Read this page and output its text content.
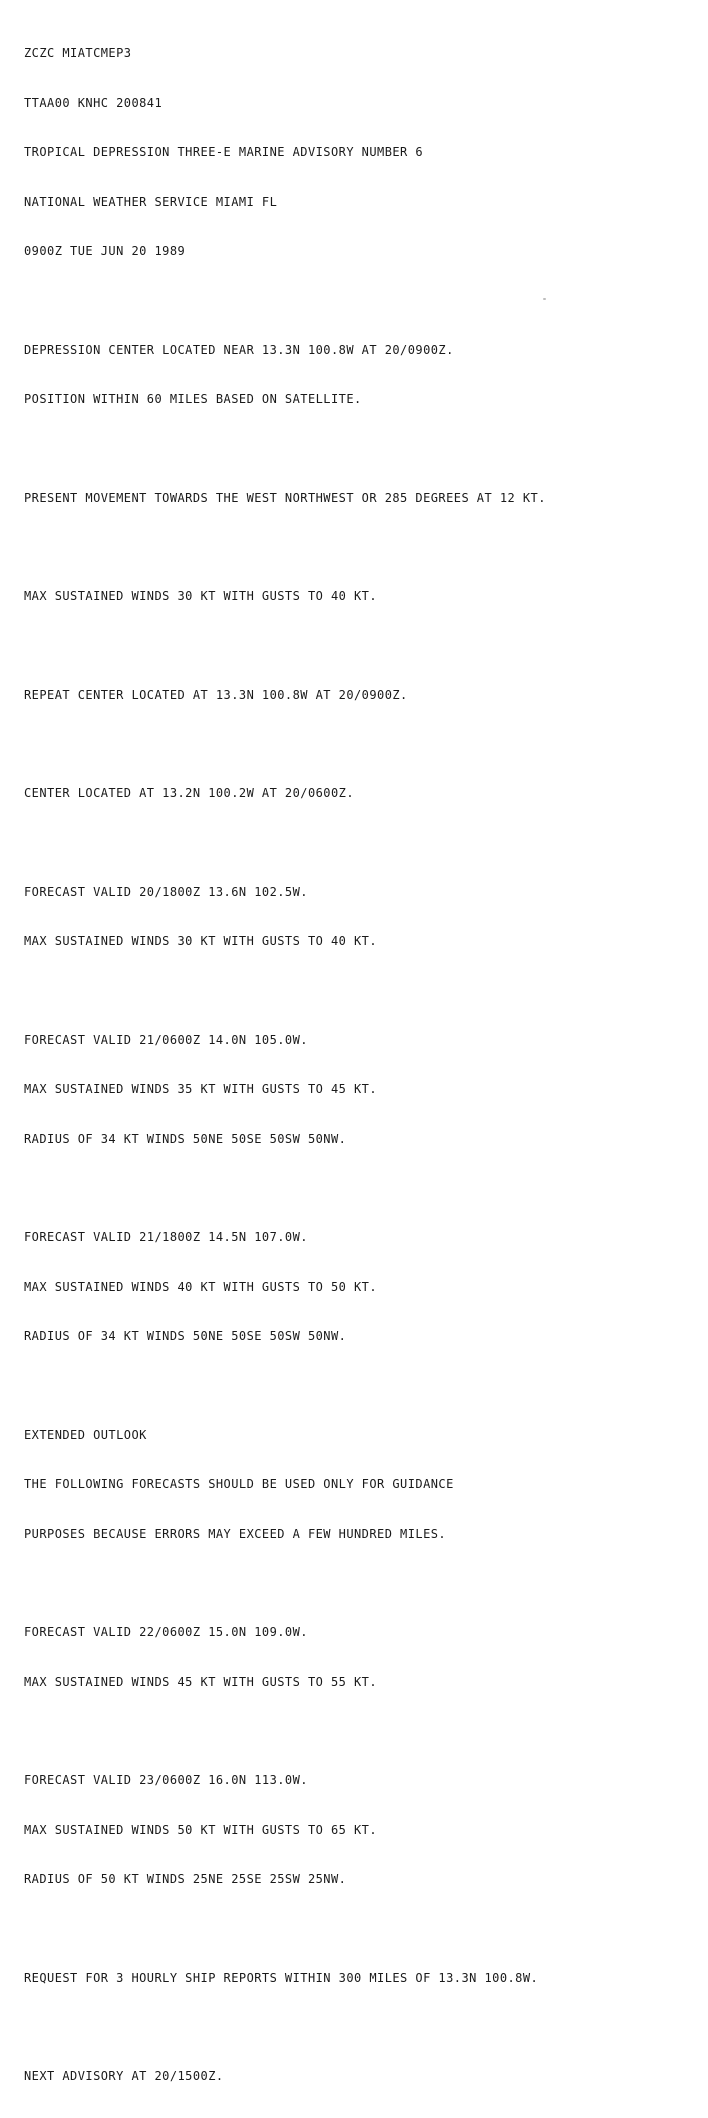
ZCZC MIATCMEP3

TTAA00 KNHC 200841

TROPICAL DEPRESSION THREE-E MARINE ADVISORY NUMBER 6

NATIONAL WEATHER SERVICE MIAMI FL

0900Z TUE JUN 20 1989

DEPRESSION CENTER LOCATED NEAR 13.3N 100.8W AT 20/0900Z.

POSITION WITHIN 60 MILES BASED ON SATELLITE.

PRESENT MOVEMENT TOWARDS THE WEST NORTHWEST OR 285 DEGREES AT 12 KT.

MAX SUSTAINED WINDS 30 KT WITH GUSTS TO 40 KT.

REPEAT CENTER LOCATED AT 13.3N 100.8W AT 20/0900Z.

CENTER LOCATED AT 13.2N 100.2W AT 20/0600Z.

FORECAST VALID 20/1800Z 13.6N 102.5W.

MAX SUSTAINED WINDS 30 KT WITH GUSTS TO 40 KT.

FORECAST VALID 21/0600Z 14.0N 105.0W.

MAX SUSTAINED WINDS 35 KT WITH GUSTS TO 45 KT.

RADIUS OF 34 KT WINDS 50NE 50SE 50SW 50NW.

FORECAST VALID 21/1800Z 14.5N 107.0W.

MAX SUSTAINED WINDS 40 KT WITH GUSTS TO 50 KT.

RADIUS OF 34 KT WINDS 50NE 50SE 50SW 50NW.

EXTENDED OUTLOOK

THE FOLLOWING FORECASTS SHOULD BE USED ONLY FOR GUIDANCE

PURPOSES BECAUSE ERRORS MAY EXCEED A FEW HUNDRED MILES.

FORECAST VALID 22/0600Z 15.0N 109.0W.

MAX SUSTAINED WINDS 45 KT WITH GUSTS TO 55 KT.

FORECAST VALID 23/0600Z 16.0N 113.0W.

MAX SUSTAINED WINDS 50 KT WITH GUSTS TO 65 KT.

RADIUS OF 50 KT WINDS 25NE 25SE 25SW 25NW.

REQUEST FOR 3 HOURLY SHIP REPORTS WITHIN 300 MILES OF 13.3N 100.8W.

NEXT ADVISORY AT 20/1500Z.
